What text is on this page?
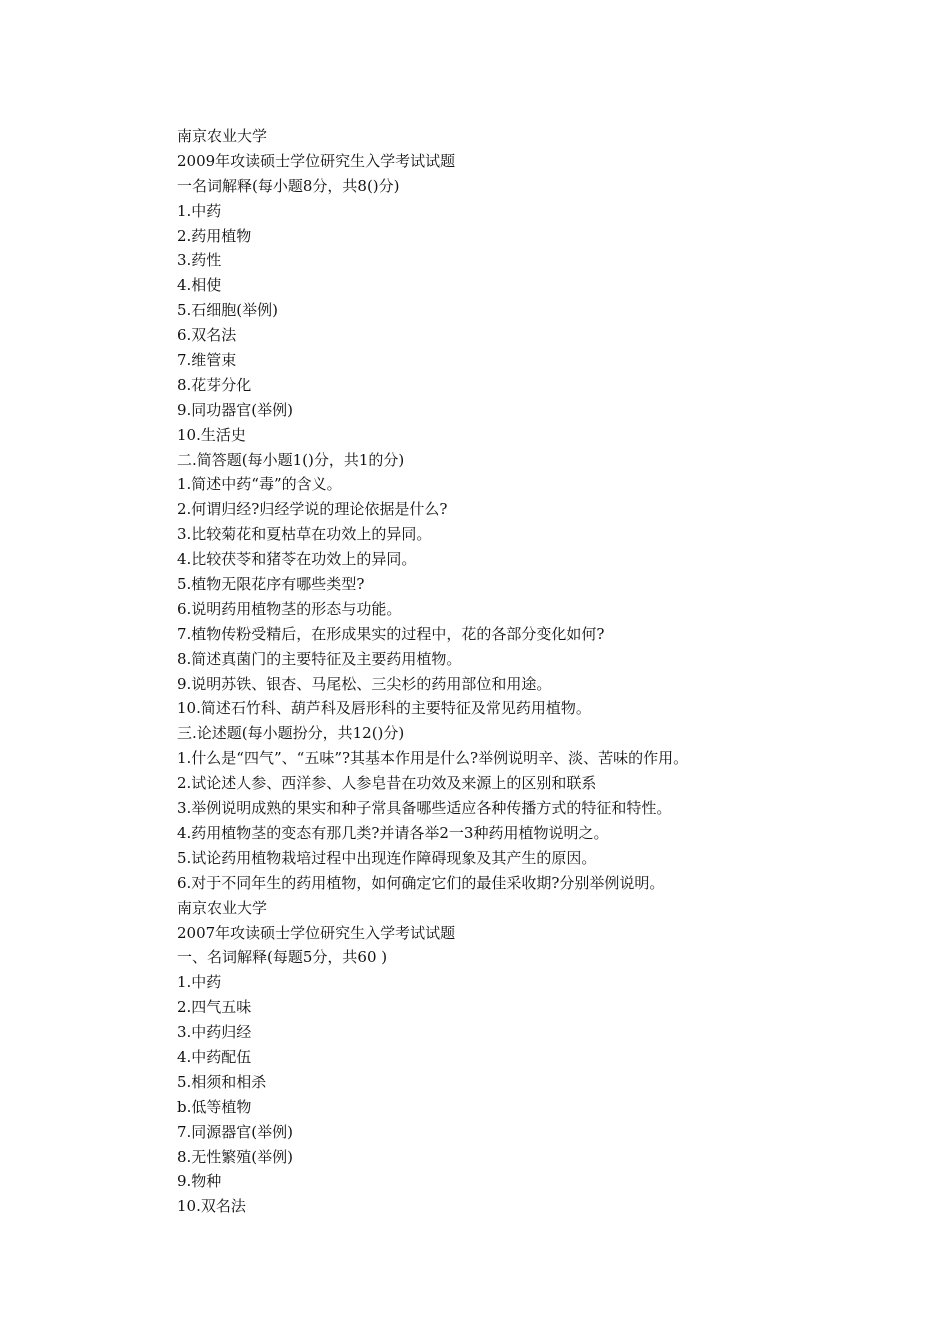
南京农业大学
2009年攻读硕士学位研究生入学考试试题
一名词解释(每小题8分，共8()分)
1.中药
2.药用植物
3.药性
4.相使
5.石细胞(举例)
6.双名法
7.维管束
8.花芽分化
9.同功器官(举例)
10.生活史
二.简答题(每小题1()分，共1的分)
1.简述中药“毒”的含义。
2.何谓归经?归经学说的理论依据是什么?
3.比较菊花和夏枯草在功效上的异同。
4.比较茯苓和猪苓在功效上的异同。
5.植物无限花序有哪些类型?
6.说明药用植物茎的形态与功能。
7.植物传粉受精后，在形成果实的过程中，花的各部分变化如何?
8.简述真菌门的主要特征及主要药用植物。
9.说明苏铁、银杏、马尾松、三尖杉的药用部位和用途。
10.简述石竹科、葫芦科及唇形科的主要特征及常见药用植物。
三.论述题(每小题扮分，共12()分)
1.什么是“四气”、“五味”?其基本作用是什么?举例说明辛、淡、苦味的作用。
2.试论述人参、西洋参、人参皂昔在功效及来源上的区别和联系
3.举例说明成熟的果实和种子常具备哪些适应各种传播方式的特征和特性。
4.药用植物茎的变态有那几类?并请各举2一3种药用植物说明之。
5.试论药用植物栽培过程中出现连作障碍现象及其产生的原因。
6.对于不同年生的药用植物，如何确定它们的最佳采收期?分别举例说明。
南京农业大学
2007年攻读硕士学位研究生入学考试试题
一、名词解释(每题5分，共60 )
1.中药
2.四气五味
3.中药归经
4.中药配伍
5.相须和相杀
b.低等植物
7.同源器官(举例)
8.无性繁殖(举例)
9.物种
10.双名法
